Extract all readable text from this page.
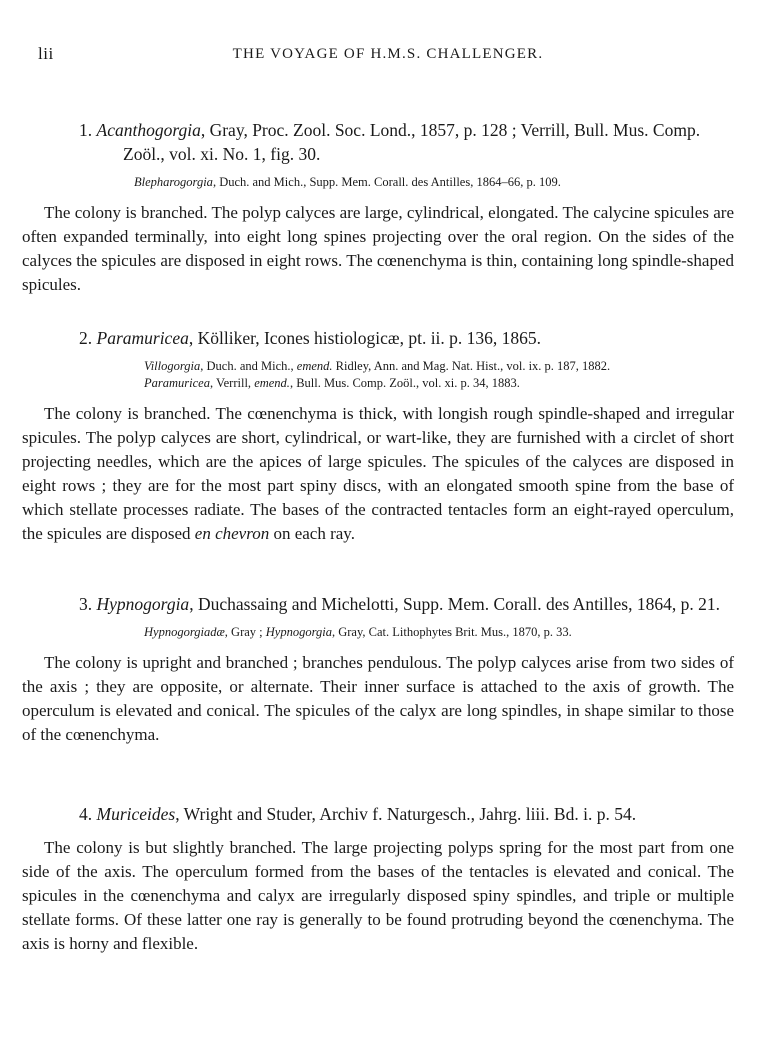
lii	THE VOYAGE OF H.M.S. CHALLENGER.

1. Acanthogorgia, Gray, Proc. Zool. Soc. Lond., 1857, p. 128 ; Verrill, Bull. Mus. Comp. Zoöl., vol. xi. No. 1, fig. 30.

Blepharogorgia, Duch. and Mich., Supp. Mem. Corall. des Antilles, 1864–66, p. 109.

The colony is branched. The polyp calyces are large, cylindrical, elongated. The calycine spicules are often expanded terminally, into eight long spines projecting over the oral region. On the sides of the calyces the spicules are disposed in eight rows. The cœnenchyma is thin, containing long spindle-shaped spicules.

2. Paramuricea, Kölliker, Icones histiologicæ, pt. ii. p. 136, 1865.

Villogorgia, Duch. and Mich., emend. Ridley, Ann. and Mag. Nat. Hist., vol. ix. p. 187, 1882.
Paramuricea, Verrill, emend., Bull. Mus. Comp. Zoöl., vol. xi. p. 34, 1883.

The colony is branched. The cœnenchyma is thick, with longish rough spindle-shaped and irregular spicules. The polyp calyces are short, cylindrical, or wart-like, they are furnished with a circlet of short projecting needles, which are the apices of large spicules. The spicules of the calyces are disposed in eight rows ; they are for the most part spiny discs, with an elongated smooth spine from the base of which stellate processes radiate. The bases of the contracted tentacles form an eight-rayed operculum, the spicules are disposed en chevron on each ray.

3. Hypnogorgia, Duchassaing and Michelotti, Supp. Mem. Corall. des Antilles, 1864, p. 21.

Hypnogorgiadæ, Gray ; Hypnogorgia, Gray, Cat. Lithophytes Brit. Mus., 1870, p. 33.

The colony is upright and branched ; branches pendulous. The polyp calyces arise from two sides of the axis ; they are opposite, or alternate. Their inner surface is attached to the axis of growth. The operculum is elevated and conical. The spicules of the calyx are long spindles, in shape similar to those of the cœnenchyma.

4. Muriceides, Wright and Studer, Archiv f. Naturgesch., Jahrg. liii. Bd. i. p. 54.

The colony is but slightly branched. The large projecting polyps spring for the most part from one side of the axis. The operculum formed from the bases of the tentacles is elevated and conical. The spicules in the cœnenchyma and calyx are irregularly disposed spiny spindles, and triple or multiple stellate forms. Of these latter one ray is generally to be found protruding beyond the cœnenchyma. The axis is horny and flexible.
